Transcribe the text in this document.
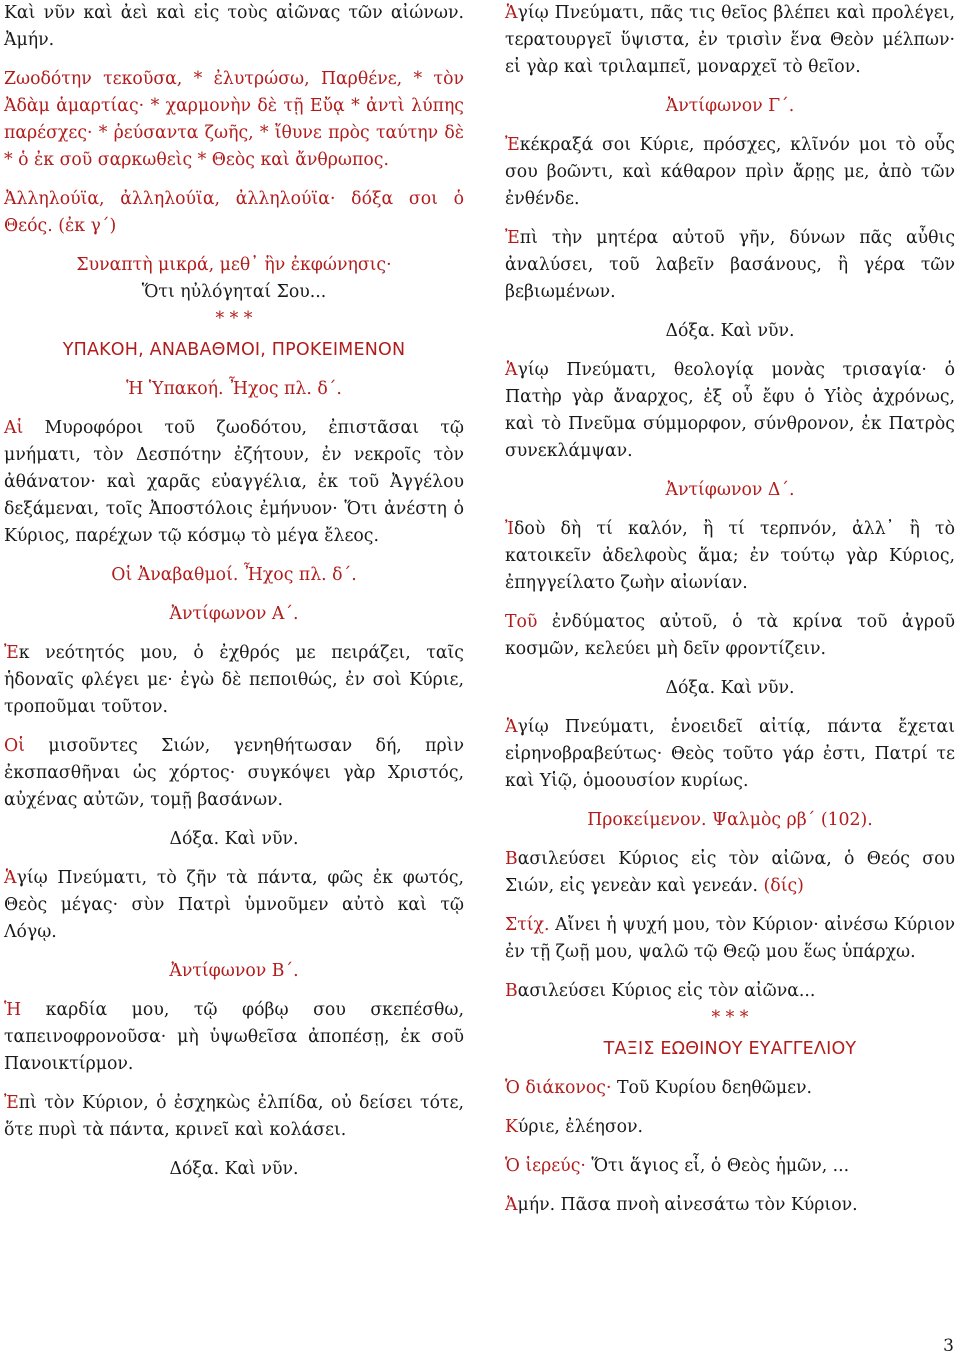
Καὶ νῦν καὶ ἀεὶ καὶ εἰς τοὺς αἰῶνας τῶν αἰώνων. Ἀμήν.

Ζωοδότην τεκοῦσα, * ἐλυτρώσω, Παρθένε, * τὸν Ἀδὰμ ἁμαρτίας· * χαρμονὴν δὲ τῇ Εὔᾳ * ἀντὶ λύπης παρέσχες· * ῥεύσαντα ζωῆς, * ἴθυνε πρὸς ταύτην δὲ * ὁ ἐκ σοῦ σαρκωθεὶς * Θεὸς καὶ ἄνθρωπος.

Ἀλληλούϊα, ἀλληλούϊα, ἀλληλούϊα· δόξα σοι ὁ Θεός. (ἐκ γ´)

Συναπτὴ μικρά, μεθ᾽ ἣν ἐκφώνησις·

Ὅτι ηὐλόγηταί Σου...

* * *

ΥΠΑΚΟΗ, ΑΝΑΒΑΘΜΟΙ, ΠΡΟΚΕΙΜΕΝΟΝ

Ἡ Ὑπακοή. Ἦχος πλ. δ´.

Αἱ Μυροφόροι τοῦ ζωοδότου, ἐπιστᾶσαι τῷ μνήματι, τὸν Δεσπότην ἐζήτουν, ἐν νεκροῖς τὸν ἀθάνατον· καὶ χαρᾶς εὐαγγέλια, ἐκ τοῦ Ἀγγέλου δεξάμεναι, τοῖς Ἀποστόλοις ἐμήνυον· Ὅτι ἀνέστη ὁ Κύριος, παρέχων τῷ κόσμῳ τὸ μέγα ἔλεος.

Οἱ Ἀναβαθμοί. Ἦχος πλ. δ´.

Ἀντίφωνον Α´.

Ἐκ νεότητός μου, ὁ ἐχθρός με πειράζει, ταῖς ἡδοναῖς φλέγει με· ἐγὼ δὲ πεποιθώς, ἐν σοὶ Κύριε, τροποῦμαι τοῦτον.

Οἱ μισοῦντες Σιών, γενηθήτωσαν δή, πρὶν ἐκσπασθῆναι ὡς χόρτος· συγκόψει γὰρ Χριστός, αὐχένας αὐτῶν, τομῇ βασάνων.

Δόξα. Καὶ νῦν.

Ἁγίῳ Πνεύματι, τὸ ζῆν τὰ πάντα, φῶς ἐκ φωτός, Θεὸς μέγας· σὺν Πατρὶ ὑμνοῦμεν αὐτὸ καὶ τῷ Λόγῳ.

Ἀντίφωνον Β´.

Ἡ καρδία μου, τῷ φόβῳ σου σκεπέσθω, ταπεινοφρονοῦσα· μὴ ὑψωθεῖσα ἀποπέσῃ, ἐκ σοῦ Πανοικτίρμον.

Ἐπὶ τὸν Κύριον, ὁ ἐσχηκὼς ἐλπίδα, οὐ δείσει τότε, ὅτε πυρὶ τὰ πάντα, κρινεῖ καὶ κολάσει.

Δόξα. Καὶ νῦν.

Ἁγίῳ Πνεύματι, πᾶς τις θεῖος βλέπει καὶ προλέγει, τερατουργεῖ ὕψιστα, ἐν τρισὶν ἕνα Θεὸν μέλπων· εἰ γὰρ καὶ τριλαμπεῖ, μοναρχεῖ τὸ θεῖον.

Ἀντίφωνον Γ´.

Ἐκέκραξά σοι Κύριε, πρόσχες, κλῖνόν μοι τὸ οὖς σου βοῶντι, καὶ κάθαρον πρὶν ἄρῃς με, ἀπὸ τῶν ἐνθένδε.

Ἐπὶ τὴν μητέρα αὐτοῦ γῆν, δύνων πᾶς αὖθις ἀναλύσει, τοῦ λαβεῖν βασάνους, ἢ γέρα τῶν βεβιωμένων.

Δόξα. Καὶ νῦν.

Ἁγίῳ Πνεύματι, θεολογίᾳ μονὰς τρισαγία· ὁ Πατὴρ γὰρ ἄναρχος, ἐξ οὗ ἔφυ ὁ Υἱὸς ἀχρόνως, καὶ τὸ Πνεῦμα σύμμορφον, σύνθρονον, ἐκ Πατρὸς συνεκλάμψαν.

Ἀντίφωνον Δ´.

Ἰδοὺ δὴ τί καλόν, ἢ τί τερπνόν, ἀλλ᾽ ἢ τὸ κατοικεῖν ἀδελφοὺς ἅμα; ἐν τούτῳ γὰρ Κύριος, ἐπηγγείλατο ζωὴν αἰωνίαν.

Τοῦ ἐνδύματος αὐτοῦ, ὁ τὰ κρίνα τοῦ ἀγροῦ κοσμῶν, κελεύει μὴ δεῖν φροντίζειν.

Δόξα. Καὶ νῦν.

Ἁγίῳ Πνεύματι, ἑνοειδεῖ αἰτίᾳ, πάντα ἔχεται εἰρηνοβραβεύτως· Θεὸς τοῦτο γάρ ἐστι, Πατρί τε καὶ Υἱῷ, ὁμοουσίον κυρίως.

Προκείμενον. Ψαλμὸς ρβ´ (102).

Βασιλεύσει Κύριος εἰς τὸν αἰῶνα, ὁ Θεός σου Σιών, εἰς γενεὰν καὶ γενεάν. (δίς)

Στίχ. Αἴνει ἡ ψυχή μου, τὸν Κύριον· αἰνέσω Κύριον ἐν τῇ ζωῇ μου, ψαλῶ τῷ Θεῷ μου ἕως ὑπάρχω.

Βασιλεύσει Κύριος εἰς τὸν αἰῶνα...

* * *

ΤΑΞΙΣ ΕΩΘΙΝΟΥ ΕΥΑΓΓΕΛΙΟΥ

Ὁ διάκονος· Τοῦ Κυρίου δεηθῶμεν.

Κύριε, ἐλέησον.

Ὁ ἱερεύς· Ὅτι ἅγιος εἶ, ὁ Θεὸς ἡμῶν, ...

Ἀμήν. Πᾶσα πνοὴ αἰνεσάτω τὸν Κύριον.

3
